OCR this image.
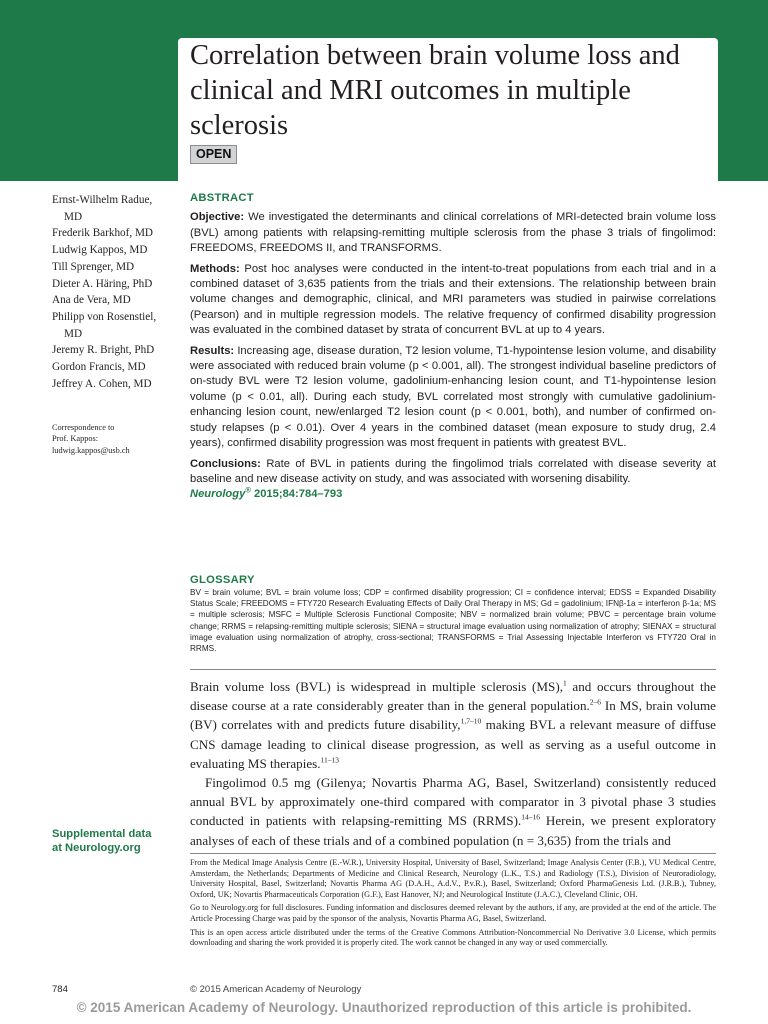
Correlation between brain volume loss and clinical and MRI outcomes in multiple sclerosis
OPEN
Ernst-Wilhelm Radue,
MD
Frederik Barkhof, MD
Ludwig Kappos, MD
Till Sprenger, MD
Dieter A. Häring, PhD
Ana de Vera, MD
Philipp von Rosenstiel,
MD
Jeremy R. Bright, PhD
Gordon Francis, MD
Jeffrey A. Cohen, MD
Correspondence to
Prof. Kappos:
ludwig.kappos@usb.ch
ABSTRACT

Objective: We investigated the determinants and clinical correlations of MRI-detected brain volume loss (BVL) among patients with relapsing-remitting multiple sclerosis from the phase 3 trials of fingolimod: FREEDOMS, FREEDOMS II, and TRANSFORMS.

Methods: Post hoc analyses were conducted in the intent-to-treat populations from each trial and in a combined dataset of 3,635 patients from the trials and their extensions. The relationship between brain volume changes and demographic, clinical, and MRI parameters was studied in pairwise correlations (Pearson) and in multiple regression models. The relative frequency of confirmed disability progression was evaluated in the combined dataset by strata of concurrent BVL at up to 4 years.

Results: Increasing age, disease duration, T2 lesion volume, T1-hypointense lesion volume, and disability were associated with reduced brain volume (p < 0.001, all). The strongest individual baseline predictors of on-study BVL were T2 lesion volume, gadolinium-enhancing lesion count, and T1-hypointense lesion volume (p < 0.01, all). During each study, BVL correlated most strongly with cumulative gadolinium-enhancing lesion count, new/enlarged T2 lesion count (p < 0.001, both), and number of confirmed on-study relapses (p < 0.01). Over 4 years in the combined dataset (mean exposure to study drug, 2.4 years), confirmed disability progression was most frequent in patients with greatest BVL.

Conclusions: Rate of BVL in patients during the fingolimod trials correlated with disease severity at baseline and new disease activity on study, and was associated with worsening disability.

Neurology® 2015;84:784–793
GLOSSARY
BV = brain volume; BVL = brain volume loss; CDP = confirmed disability progression; CI = confidence interval; EDSS = Expanded Disability Status Scale; FREEDOMS = FTY720 Research Evaluating Effects of Daily Oral Therapy in MS; Gd = gadolinium; IFNβ-1a = interferon β-1a; MS = multiple sclerosis; MSFC = Multiple Sclerosis Functional Composite; NBV = normalized brain volume; PBVC = percentage brain volume change; RRMS = relapsing-remitting multiple sclerosis; SIENA = structural image evaluation using normalization of atrophy; SIENAX = structural image evaluation using normalization of atrophy, cross-sectional; TRANSFORMS = Trial Assessing Injectable Interferon vs FTY720 Oral in RRMS.

Brain volume loss (BVL) is widespread in multiple sclerosis (MS),$^1$ and occurs throughout the disease course at a rate considerably greater than in the general population.$^{2-6}$ In MS, brain volume (BV) correlates with and predicts future disability,$^{1,7-10}$ making BVL a relevant measure of diffuse CNS damage leading to clinical disease progression, as well as serving as a useful outcome in evaluating MS therapies.$^{11-13}$

Fingolimod 0.5 mg (Gilenya; Novartis Pharma AG, Basel, Switzerland) consistently reduced annual BVL by approximately one-third compared with comparator in 3 pivotal phase 3 studies conducted in patients with relapsing-remitting MS (RRMS).$^{14-16}$ Herein, we present exploratory analyses of each of these trials and of a combined population (n = 3,635) from the trials and

Supplemental data
at Neurology.org

From the Medical Image Analysis Centre (E.-W.R.), University Hospital, University of Basel, Switzerland; Image Analysis Center (F.B.), VU Medical Centre, Amsterdam, the Netherlands; Departments of Medicine and Clinical Research, Neurology (L.K., T.S.) and Radiology (T.S.), Division of Neuroradiology, University Hospital, Basel, Switzerland; Novartis Pharma AG (D.A.H., A.d.V., P.v.R.), Basel, Switzerland; Oxford PharmaGenesis Ltd. (J.R.B.), Tubney, Oxford, UK; Novartis Pharmaceuticals Corporation (G.F.), East Hanover, NJ; and Neurological Institute (J.A.C.), Cleveland Clinic, OH.

Go to Neurology.org for full disclosures. Funding information and disclosures deemed relevant by the authors, if any, are provided at the end of the article. The Article Processing Charge was paid by the sponsor of the analysis, Novartis Pharma AG, Basel, Switzerland.

This is an open access article distributed under the terms of the Creative Commons Attribution-Noncommercial No Derivative 3.0 License, which permits downloading and sharing the work provided it is properly cited. The work cannot be changed in any way or used commercially.

784	© 2015 American Academy of Neurology
© 2015 American Academy of Neurology. Unauthorized reproduction of this article is prohibited.
